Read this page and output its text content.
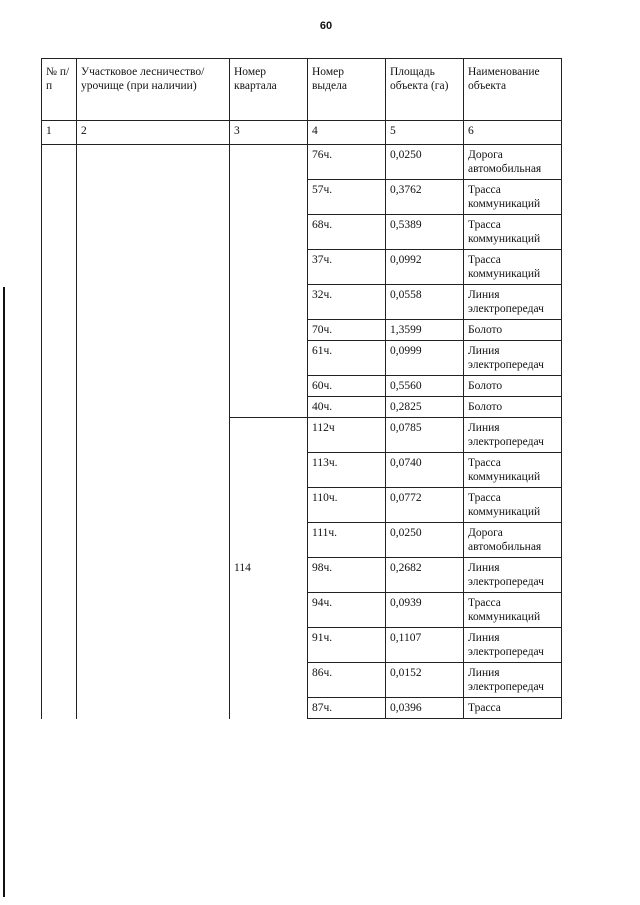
60
№ п/п	Участковое лесничество/урочище (при наличии)	Номер квартала	Номер выдела	Площадь объекта (га)	Наименование объекта
1	2	3	4	5	6
			76ч.	0,0250	Дорога автомобильная
			57ч.	0,3762	Трасса коммуникаций
			68ч.	0,5389	Трасса коммуникаций
			37ч.	0,0992	Трасса коммуникаций
			32ч.	0,0558	Линия электропередач
			70ч.	1,3599	Болото
			61ч.	0,0999	Линия электропередач
			60ч.	0,5560	Болото
			40ч.	0,2825	Болото
		114	112ч	0,0785	Линия электропередач
			113ч.	0,0740	Трасса коммуникаций
			110ч.	0,0772	Трасса коммуникаций
			111ч.	0,0250	Дорога автомобильная
			98ч.	0,2682	Линия электропередач
			94ч.	0,0939	Трасса коммуникаций
			91ч.	0,1107	Линия электропередач
			86ч.	0,0152	Линия электропередач
			87ч.	0,0396	Трасса
